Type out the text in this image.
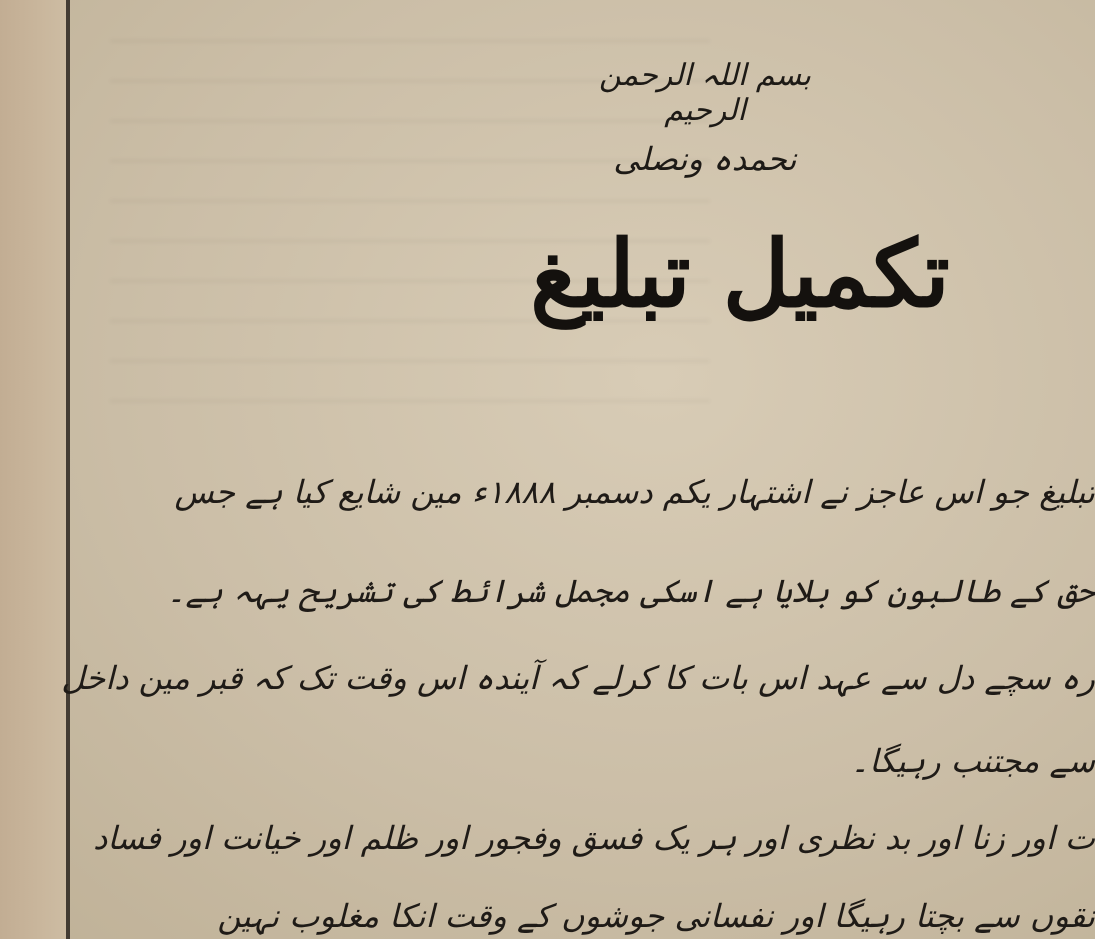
بسم اللہ الرحمن الرحیم
نحمدہ ونصلی
تکمیل تبلیغ
تبلیغ جو اس عاجز نے اشتہار یکم دسمبر ۱۸۸۸ء مین شایع کیا ہے جس
حق کے طالبون کو بلایا ہے اسکی مجمل شرائط کی تشریح یہہ ہے۔
رہ سچے دل سے عہد اس بات کا کرلے کہ آیندہ اس وقت تک کہ قبر مین داخل
سے مجتنب رہیگا۔
ت اور زنا اور بد نظری اور ہر یک فسق وفجور اور ظلم اور خیانت اور فساد
نقوں سے بچتا رہیگا اور نفسانی جوشوں کے وقت انکا مغلوب نہین
